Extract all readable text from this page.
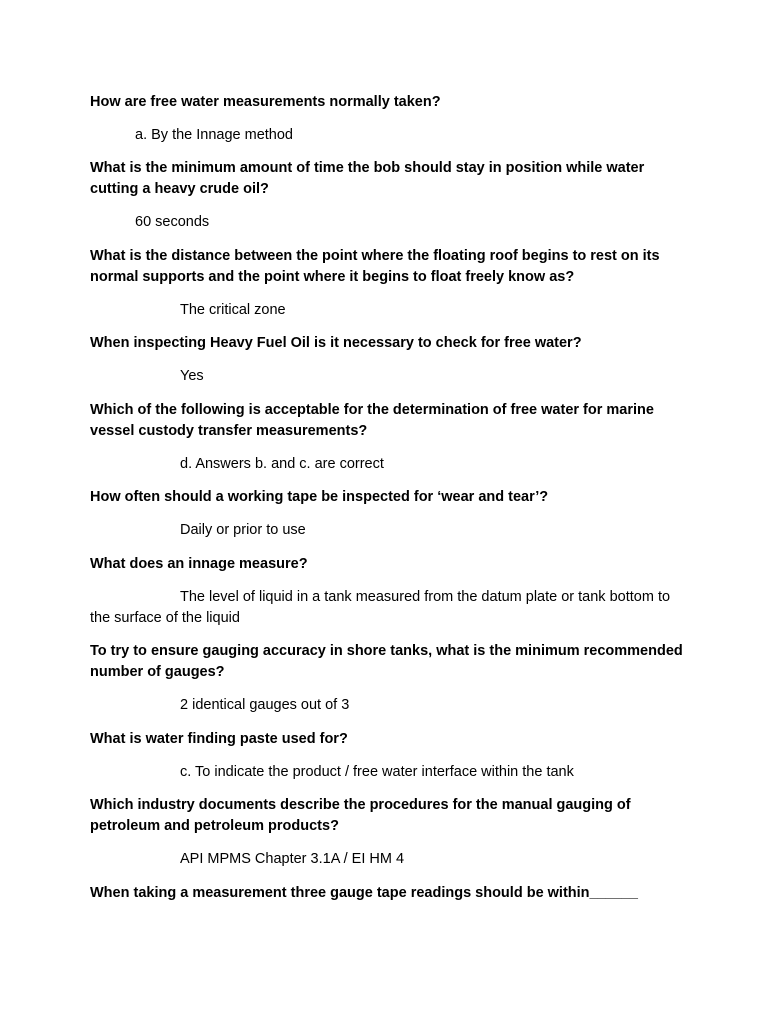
How are free water measurements normally taken?

a. By the Innage method

What is the minimum amount of time the bob should stay in position while water cutting a heavy crude oil?

60 seconds

What is the distance between the point where the floating roof begins to rest on its normal supports and the point where it begins to float freely know as?

The critical zone

When inspecting Heavy Fuel Oil is it necessary to check for free water?

Yes

Which of the following is acceptable for the determination of free water for marine vessel custody transfer measurements?

d. Answers b. and c. are correct

How often should a working tape be inspected for ‘wear and tear’?

Daily or prior to use

What does an innage measure?

The level of liquid in a tank measured from the datum plate or tank bottom to the surface of the liquid

To try to ensure gauging accuracy in shore tanks, what is the minimum recommended number of gauges?

2 identical gauges out of 3

What is water finding paste used for?

c. To indicate the product / free water interface within the tank

Which industry documents describe the procedures for the manual gauging of petroleum and petroleum products?

API MPMS Chapter 3.1A / EI HM 4

When taking a measurement three gauge tape readings should be within______
